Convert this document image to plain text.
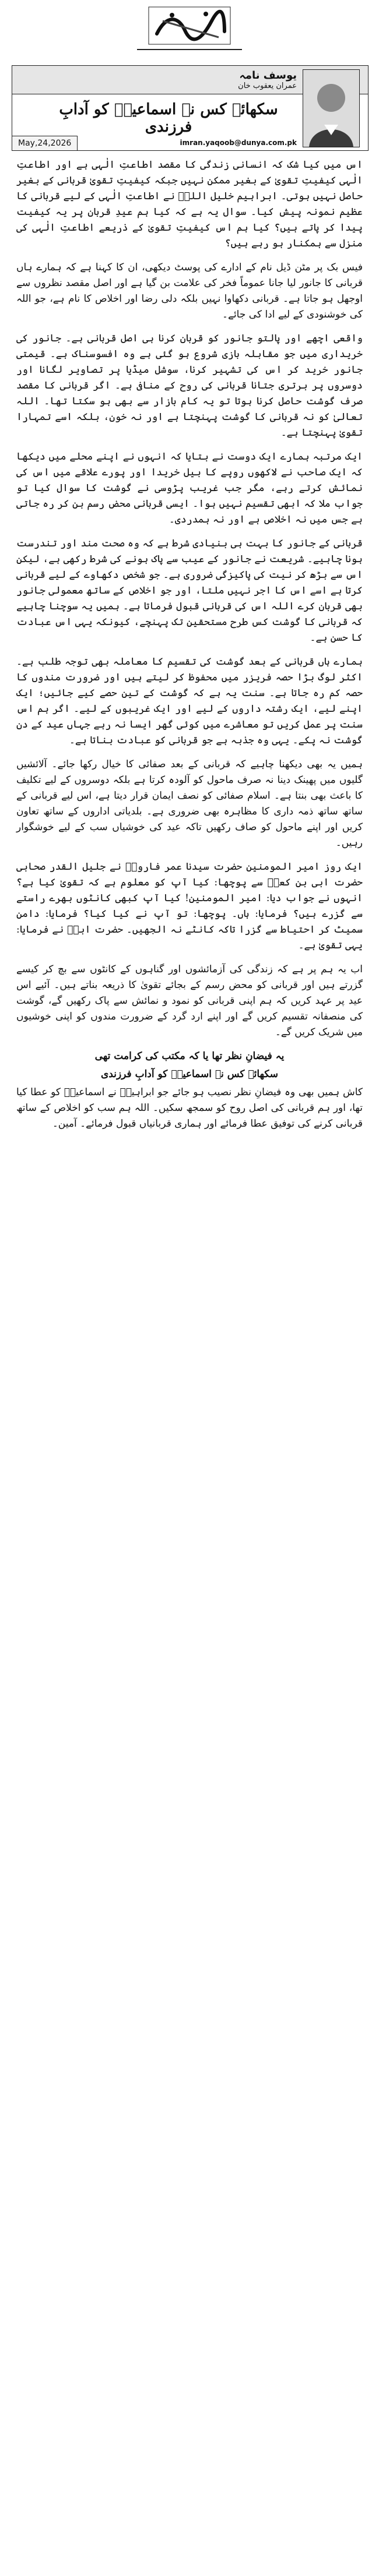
یوسف نامہ
عمران یعقوب خان
سکھائے کس نے اسماعیلؑ کو آدابِ فرزندی
imran.yaqoob@dunya.com.pk
May,24,2026

اس میں کیا شک کہ انسانی زندگی کا مقصد اطاعتِ الٰہی ہے اور اطاعتِ الٰہی کیفیتِ تقویٰ کے بغیر ممکن نہیں جبکہ کیفیتِ تقویٰ قربانی کے بغیر حاصل نہیں ہوتی۔ ابراہیم خلیل اللہؑ نے اطاعتِ الٰہی کے لیے قربانی کا عظیم نمونہ پیش کیا۔ سوال یہ ہے کہ کیا ہم عیدِ قربان پر یہ کیفیت پیدا کر پاتے ہیں؟ کیا ہم اس کیفیتِ تقویٰ کے ذریعے اطاعتِ الٰہی کی منزل سے ہمکنار ہو رہے ہیں؟

فیس بک پر مٹن ڈیل نام کے ادارے کی پوسٹ دیکھی، ان کا کہنا ہے کہ ہمارے ہاں قربانی کا جانور لیا جانا عموماً فخر کی علامت بن گیا ہے اور اصل مقصد نظروں سے اوجھل ہو جاتا ہے۔ قربانی دکھاوا نہیں بلکہ دلی رضا اور اخلاص کا نام ہے، جو اللہ کی خوشنودی کے لیے ادا کی جائے۔

واقعی اچھے اور پالتو جانور کو قربان کرنا ہی اصل قربانی ہے۔ جانور کی خریداری میں جو مقابلہ بازی شروع ہو گئی ہے وہ افسوسناک ہے۔ قیمتی جانور خرید کر اس کی تشہیر کرنا، سوشل میڈیا پر تصاویر لگانا اور دوسروں پر برتری جتانا قربانی کی روح کے منافی ہے۔ اگر قربانی کا مقصد صرف گوشت حاصل کرنا ہوتا تو یہ کام بازار سے بھی ہو سکتا تھا۔ اللہ تعالیٰ کو نہ قربانی کا گوشت پہنچتا ہے اور نہ خون، بلکہ اسے تمہارا تقویٰ پہنچتا ہے۔

ایک مرتبہ ہمارے ایک دوست نے بتایا کہ انہوں نے اپنے محلے میں دیکھا کہ ایک صاحب نے لاکھوں روپے کا بیل خریدا اور پورے علاقے میں اس کی نمائش کرتے رہے، مگر جب غریب پڑوسی نے گوشت کا سوال کیا تو جواب ملا کہ ابھی تقسیم نہیں ہوا۔ ایسی قربانی محض رسم بن کر رہ جاتی ہے جس میں نہ اخلاص ہے اور نہ ہمدردی۔

قربانی کے جانور کا بہت ہی بنیادی شرط ہے کہ وہ صحت مند اور تندرست ہونا چاہیے۔ شریعت نے جانور کے عیب سے پاک ہونے کی شرط رکھی ہے، لیکن اس سے بڑھ کر نیت کی پاکیزگی ضروری ہے۔ جو شخص دکھاوے کے لیے قربانی کرتا ہے اسے اس کا اجر نہیں ملتا، اور جو اخلاص کے ساتھ معمولی جانور بھی قربان کرے اللہ اس کی قربانی قبول فرماتا ہے۔ ہمیں یہ سوچنا چاہیے کہ قربانی کا گوشت کس طرح مستحقین تک پہنچے، کیونکہ یہی اس عبادت کا حسن ہے۔

ہمارے ہاں قربانی کے بعد گوشت کی تقسیم کا معاملہ بھی توجہ طلب ہے۔ اکثر لوگ بڑا حصہ فریزر میں محفوظ کر لیتے ہیں اور ضرورت مندوں کا حصہ کم رہ جاتا ہے۔ سنت یہ ہے کہ گوشت کے تین حصے کیے جائیں؛ ایک اپنے لیے، ایک رشتہ داروں کے لیے اور ایک غریبوں کے لیے۔ اگر ہم اس سنت پر عمل کریں تو معاشرے میں کوئی گھر ایسا نہ رہے جہاں عید کے دن گوشت نہ پکے۔ یہی وہ جذبہ ہے جو قربانی کو عبادت بناتا ہے۔

ہمیں یہ بھی دیکھنا چاہیے کہ قربانی کے بعد صفائی کا خیال رکھا جائے۔ آلائشیں گلیوں میں پھینک دینا نہ صرف ماحول کو آلودہ کرتا ہے بلکہ دوسروں کے لیے تکلیف کا باعث بھی بنتا ہے۔ اسلام صفائی کو نصف ایمان قرار دیتا ہے، اس لیے قربانی کے ساتھ ساتھ ذمہ داری کا مظاہرہ بھی ضروری ہے۔ بلدیاتی اداروں کے ساتھ تعاون کریں اور اپنے ماحول کو صاف رکھیں تاکہ عید کی خوشیاں سب کے لیے خوشگوار رہیں۔

ایک روز امیر المومنین حضرت سیدنا عمر فاروقؓ نے جلیل القدر صحابی حضرت ابی بن کعبؓ سے پوچھا: کیا آپ کو معلوم ہے کہ تقویٰ کیا ہے؟ انہوں نے جواب دیا: امیر المومنین! کیا آپ کبھی کانٹوں بھرے راستے سے گزرے ہیں؟ فرمایا: ہاں۔ پوچھا: تو آپ نے کیا کیا؟ فرمایا: دامن سمیٹ کر احتیاط سے گزرا تاکہ کانٹے نہ الجھیں۔ حضرت ابیؓ نے فرمایا: یہی تقویٰ ہے۔

اب یہ ہم پر ہے کہ زندگی کی آزمائشوں اور گناہوں کے کانٹوں سے بچ کر کیسے گزرتے ہیں اور قربانی کو محض رسم کے بجائے تقویٰ کا ذریعہ بناتے ہیں۔ آئیے اس عید پر عہد کریں کہ ہم اپنی قربانی کو نمود و نمائش سے پاک رکھیں گے، گوشت کی منصفانہ تقسیم کریں گے اور اپنے ارد گرد کے ضرورت مندوں کو اپنی خوشیوں میں شریک کریں گے۔

یہ فیضانِ نظر تھا یا کہ مکتب کی کرامت تھی
سکھائے کس نے اسماعیلؑ کو آدابِ فرزندی

کاش ہمیں بھی وہ فیضانِ نظر نصیب ہو جائے جو ابراہیمؑ نے اسماعیلؑ کو عطا کیا تھا، اور ہم قربانی کی اصل روح کو سمجھ سکیں۔ اللہ ہم سب کو اخلاص کے ساتھ قربانی کرنے کی توفیق عطا فرمائے اور ہماری قربانیاں قبول فرمائے۔ آمین۔
